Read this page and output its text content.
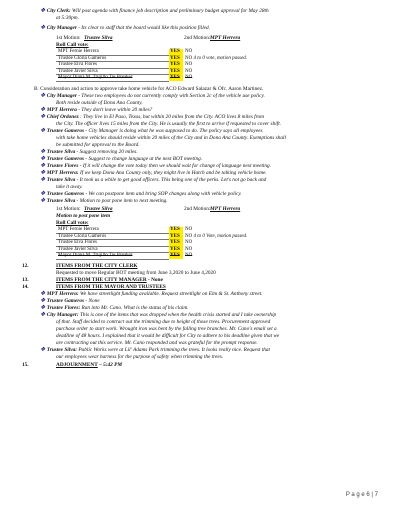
❖ City Clerk: Will post agenda with finance job description and preliminary budget approval for May 28th
at 5:30pm.
❖ City Manager - Its clear to staff that the board would like this position filled.
1st Motion: Trustee Silva	2nd Motion: MPT Herrera
Roll Call vote:
MPT Fernie Herrera	YES	NO
Trustee Gloria Gameros	YES	NO 4 to 0 vote, motion passed.
Trustee Elva Flores	YES	NO
Trustee Javier Silva	YES	NO
Mayor Diana M. Trujillo Tie Breaker	YES	NO
B. Consideration and action to approve take home vehicle for ACO Edward Salazar & Ofc. Aaron Martinez.
❖ City Manager - These two employees do not currently comply with Section 2c of the vehicle use policy.
Both reside outside of Dona Ana County.
❖ MPT Herrera - They don't leave within 20 miles?
❖ Chief Ordonez : They live in El Paso, Texas, but within 20 miles from the City. ACO lives 8 miles from
the City. The officer lives 15 miles from the City. He is usually the first to arrive if requested to cover shift.
❖ Trustee Gameros - City Manager is doing what he was supposed to do. The policy says all employees
with take home vehicles should reside within 20 miles of the City and in Dona Ana County. Exemptions shall
be submitted for approval to the Board.
❖ Trustee Silva - Suggest removing 20 miles.
❖ Trustee Gameros - Suggest to change language at the next BOT meeting.
❖ Trustee Flores - If it will change the vote today then we should wait for change of language next meeting.
❖ MPT Herrera: If we keep Dona Ana County only, they might live in Hatch and be talking vehicle home.
❖ Trustee Silva - It took us a while to get good officers. This being one of the perks. Let's not go back and
take it away.
❖ Trustee Gameros - We can postpone item and bring SOP changes along with vehicle policy.
❖ Trustee Silva - Motion to post pone item to next meeting.
1st Motion: Trustee Silva	2nd Motion: MPT Herrera
Motion to post pone item
Roll Call vote:
MPT Fernie Herrera	YES	NO
Trustee Gloria Gameros	YES	NO 4 to 0 Vote, motion passed.
Trustee Elva Flores	YES	NO
Trustee Javier Silva	YES	NO
Mayor Diana M. Trujillo Tie Breaker	YES	NO
12.	ITEMS FROM THE CITY CLERK
Requested to move Regular BOT meeting from June 3,2020 to June 4,2020
13.	ITEMS FROM THE CITY MANAGER - None
14.	ITEMS FROM THE MAYOR AND TRUSTEES
❖ MPT Herrera: We have streetlight funding available. Request streetlight on Elm & St. Anthony street.
❖ Trustee Gameros - None
❖ Trustee Flores: Ran into Mr. Cano. What is the status of his claim.
❖ City Manager: This is one of the items that was dropped when the health crisis started and I take ownership
of that. Staff decided to contract out the trimming due to height of those trees. Procurement approved
purchase order to start work. Wrought iron was bent by the falling tree branches. Mr. Cano's email set a
deadline of 48 hours. I explained that it would be difficult for City to adhere to his deadline given that we
are contracting out this service. Mr. Cano responded and was grateful for the prompt response.
❖ Trustee Silva: Public Works were at Lil' Adams Park trimming the trees. It looks really nice. Request that
our employees wear harness for the purpose of safety when trimming the trees.
15.	ADJOURNMENT – 5:42 PM
P a g e 6 | 7
